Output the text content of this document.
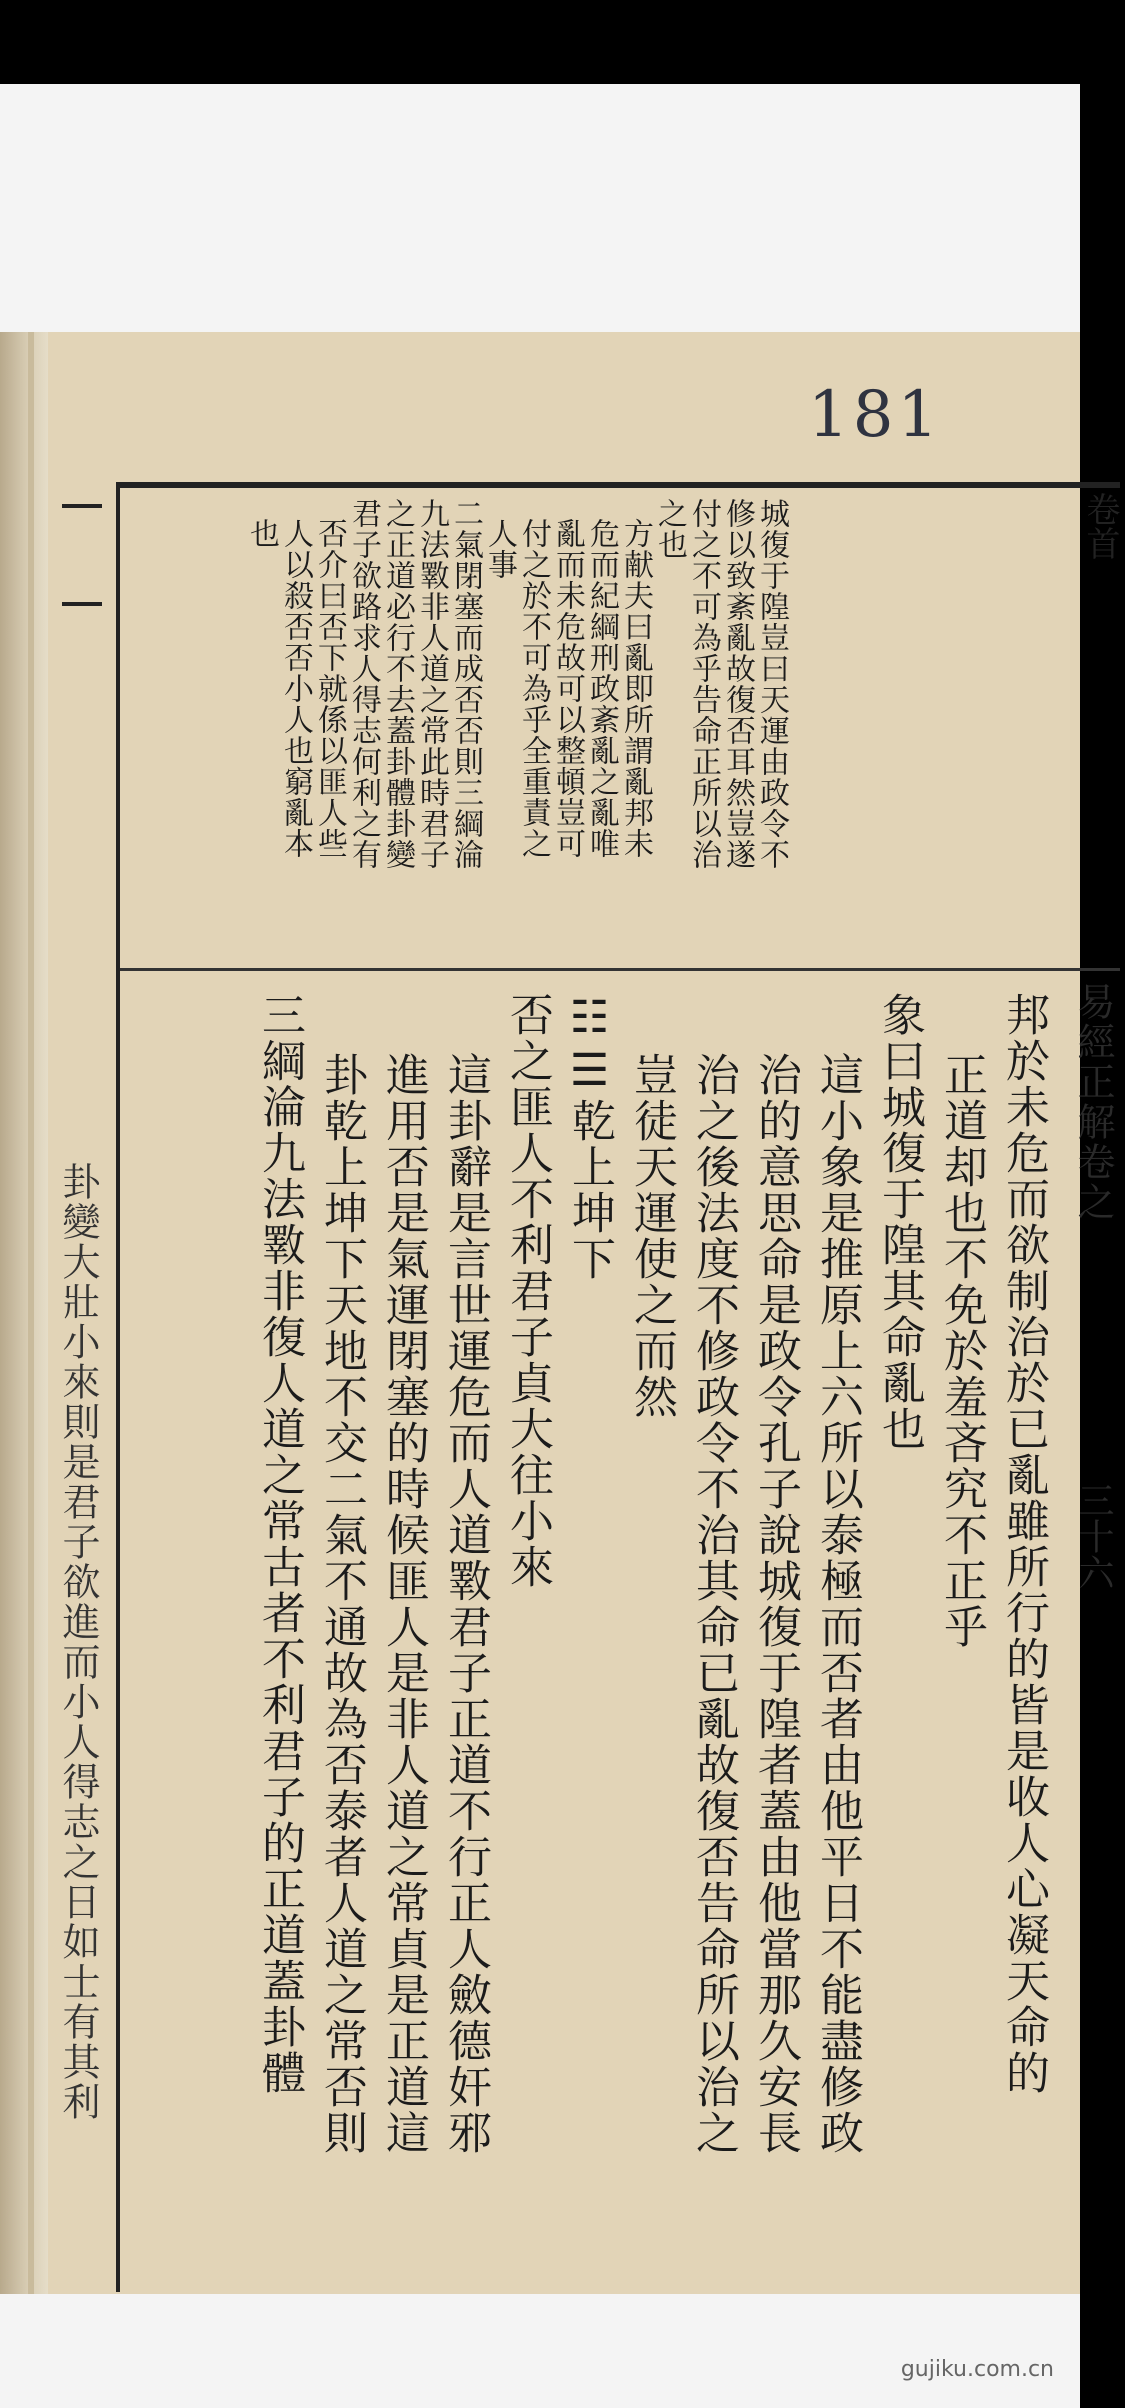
181
卦變大壯小來則是君子欲進而小人得志之日如士有其利
卷首
城復于隍豈曰天運由政令不
修以致紊亂故復否耳然豈遂
付之不可為乎告命正所以治
之也
方献夫曰亂即所謂亂邦未
危而紀綱刑政紊亂之亂唯
亂而未危故可以整頓豈可
付之於不可為乎全重責之
人事
二氣閉塞而成否否則三綱淪
九法斁非人道之常此時君子
之正道必行不去蓋卦體卦變
君子欲路求人得志何利之有
否介曰否下就係以匪人些
人以殺否否小人也窮亂本
也
易經正解卷之
三十六
邦於未危而欲制治於已亂雖所行的皆是收人心凝天命的
正道却也不免於羞吝究不正乎
象曰城復于隍其命亂也
這小象是推原上六所以泰極而否者由他平日不能盡修政
治的意思命是政令孔子說城復于隍者蓋由他當那久安長
治之後法度不修政令不治其命已亂故復否告命所以治之
豈徒天運使之而然
☷☰乾上坤下
否之匪人不利君子貞大往小來
這卦辭是言世運危而人道斁君子正道不行正人斂德奸邪
進用否是氣運閉塞的時候匪人是非人道之常貞是正道這
卦乾上坤下天地不交二氣不通故為否泰者人道之常否則
三綱淪九法斁非復人道之常古者不利君子的正道蓋卦體
gujiku.com.cn
